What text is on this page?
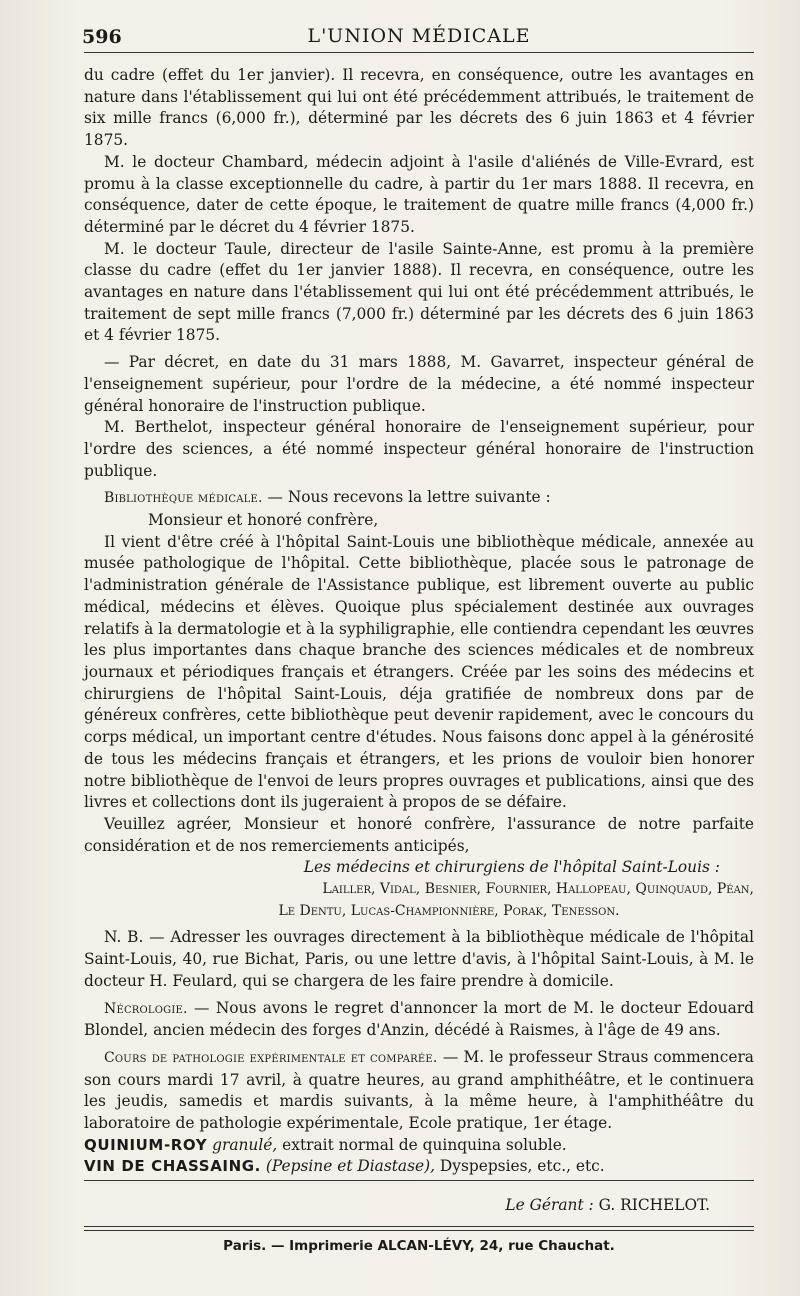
596	L'UNION MÉDICALE

du cadre (effet du 1er janvier). Il recevra, en conséquence, outre les avantages en nature dans l'établissement qui lui ont été précédemment attribués, le traitement de six mille francs (6,000 fr.), déterminé par les décrets des 6 juin 1863 et 4 février 1875.

M. le docteur Chambard, médecin adjoint à l'asile d'aliénés de Ville-Evrard, est promu à la classe exceptionnelle du cadre, à partir du 1er mars 1888. Il recevra, en conséquence, dater de cette époque, le traitement de quatre mille francs (4,000 fr.) déterminé par le décret du 4 février 1875.

M. le docteur Taule, directeur de l'asile Sainte-Anne, est promu à la première classe du cadre (effet du 1er janvier 1888). Il recevra, en conséquence, outre les avantages en nature dans l'établissement qui lui ont été précédemment attribués, le traitement de sept mille francs (7,000 fr.) déterminé par les décrets des 6 juin 1863 et 4 février 1875.

— Par décret, en date du 31 mars 1888, M. Gavarret, inspecteur général de l'enseignement supérieur, pour l'ordre de la médecine, a été nommé inspecteur général honoraire de l'instruction publique.

M. Berthelot, inspecteur général honoraire de l'enseignement supérieur, pour l'ordre des sciences, a été nommé inspecteur général honoraire de l'instruction publique.

Bibliothèque médicale. — Nous recevons la lettre suivante :

Monsieur et honoré confrère,

Il vient d'être créé à l'hôpital Saint-Louis une bibliothèque médicale, annexée au musée pathologique de l'hôpital. Cette bibliothèque, placée sous le patronage de l'administration générale de l'Assistance publique, est librement ouverte au public médical, médecins et élèves. Quoique plus spécialement destinée aux ouvrages relatifs à la dermatologie et à la syphiligraphie, elle contiendra cependant les œuvres les plus importantes dans chaque branche des sciences médicales et de nombreux journaux et périodiques français et étrangers. Créée par les soins des médecins et chirurgiens de l'hôpital Saint-Louis, déja gratifiée de nombreux dons par de généreux confrères, cette bibliothèque peut devenir rapidement, avec le concours du corps médical, un important centre d'études. Nous faisons donc appel à la générosité de tous les médecins français et étrangers, et les prions de vouloir bien honorer notre bibliothèque de l'envoi de leurs propres ouvrages et publications, ainsi que des livres et collections dont ils jugeraient à propos de se défaire.

Veuillez agréer, Monsieur et honoré confrère, l'assurance de notre parfaite considération et de nos remerciements anticipés,

Les médecins et chirurgiens de l'hôpital Saint-Louis :

Lailler, Vidal, Besnier, Fournier, Hallopeau, Quinquaud, Péan,

Le Dentu, Lucas-Championnière, Porak, Tenesson.

N. B. — Adresser les ouvrages directement à la bibliothèque médicale de l'hôpital Saint-Louis, 40, rue Bichat, Paris, ou une lettre d'avis, à l'hôpital Saint-Louis, à M. le docteur H. Feulard, qui se chargera de les faire prendre à domicile.

Nécrologie. — Nous avons le regret d'annoncer la mort de M. le docteur Edouard Blondel, ancien médecin des forges d'Anzin, décédé à Raismes, à l'âge de 49 ans.

Cours de pathologie expérimentale et comparée. — M. le professeur Straus commencera son cours mardi 17 avril, à quatre heures, au grand amphithéâtre, et le continuera les jeudis, samedis et mardis suivants, à la même heure, à l'amphithéâtre du laboratoire de pathologie expérimentale, Ecole pratique, 1er étage.

QUINIUM-ROY granulé, extrait normal de quinquina soluble.

VIN DE CHASSAING. (Pepsine et Diastase), Dyspepsies, etc., etc.

Le Gérant : G. RICHELOT.
Paris. — Imprimerie ALCAN-LÉVY, 24, rue Chauchat.
